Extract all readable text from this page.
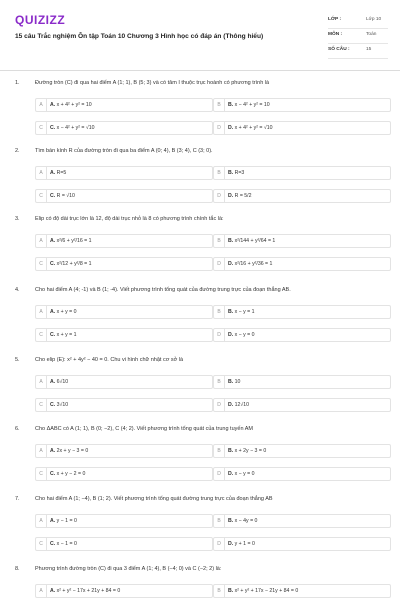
QUIZIZZ
15 câu Trắc nghiệm Ôn tập Toán 10 Chương 3 Hình học có đáp án (Thông hiểu)
LỚP :	Lớp 10
MÔN :	Toán
SỐ CÂU :	15
1.	Đường tròn (C) đi qua hai điểm A (1; 1), B (5; 3) và có tâm I thuộc trục hoành có phương trình là
A	A. x + 4² + y² = 10	B	B. x − 4² + y² = 10
C	C. x − 4² + y² = √10	D	D. x + 4² + y² = √10
2.	Tìm bán kính R của đường tròn đi qua ba điểm A (0; 4), B (3; 4), C (3; 0).
A	A. R=5	B	B. R=3
C	C. R = √10	D	D. R = 5/2
3.	Elip có độ dài trục lớn là 12, độ dài trục nhỏ là 8 có phương trình chính tắc là:
A	A. x²/6 + y²/16 = 1	B	B. x²/144 + y²/64 = 1
C	C. x²/12 + y²/8 = 1	D	D. x²/16 + y²/36 = 1
4.	Cho hai điểm A (4; -1) và B (1; -4). Viết phương trình tổng quát của đường trung trực của đoạn thẳng AB.
A	A. x + y = 0	B	B. x − y = 1
C	C. x + y = 1	D	D. x − y = 0
5.	Cho elip (E): x² + 4y² − 40 = 0. Chu vi hình chữ nhật cơ sở là
A	A. 6√10	B	B. 10
C	C. 3√10	D	D. 12√10
6.	Cho ΔABC có A (1; 1), B (0; −2), C (4; 2). Viết phương trình tổng quát của trung tuyến AM
A	A. 2x + y − 3 = 0	B	B. x + 2y − 3 = 0
C	C. x + y − 2 = 0	D	D. x − y = 0
7.	Cho hai điểm A (1; −4), B (1; 2). Viết phương trình tổng quát đường trung trực của đoạn thẳng AB
A	A. y − 1 = 0	B	B. x − 4y = 0
C	C. x − 1 = 0	D	D. y + 1 = 0
8.	Phương trình đường tròn (C) đi qua 3 điểm A (1; 4), B (−4; 0) và C (−2; 2) là:
A	A. x² + y² − 17x + 21y + 84 = 0	B	B. x² + y² + 17x − 21y + 84 = 0
